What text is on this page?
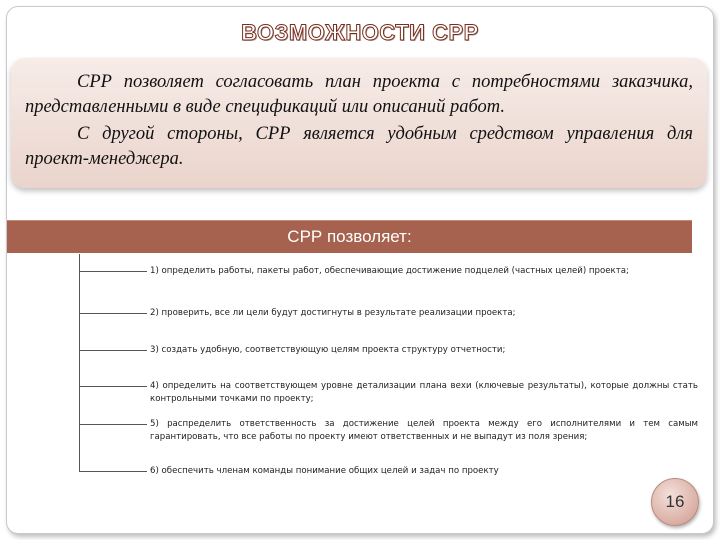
ВОЗМОЖНОСТИ СРР

СРР позволяет согласовать план проекта с потребностями заказчика, представленными в виде спецификаций или описаний работ.

С другой стороны, СРР является удобным средством управления для проект-менеджера.

СРР позволяет:

1) определить работы, пакеты работ, обеспечивающие достижение подцелей (частных целей) проекта;

2) проверить, все ли цели будут достигнуты в результате реализации проекта;

3) создать удобную, соответствующую целям проекта структуру отчетности;

4) определить на соответствующем уровне детализации плана вехи (ключевые результаты), которые должны стать контрольными точками по проекту;

5) распределить ответственность за достижение целей проекта между его исполнителями и тем самым гарантировать, что все работы по проекту имеют ответственных и не выпадут из поля зрения;

6) обеспечить членам команды понимание общих целей и задач по проекту

16
